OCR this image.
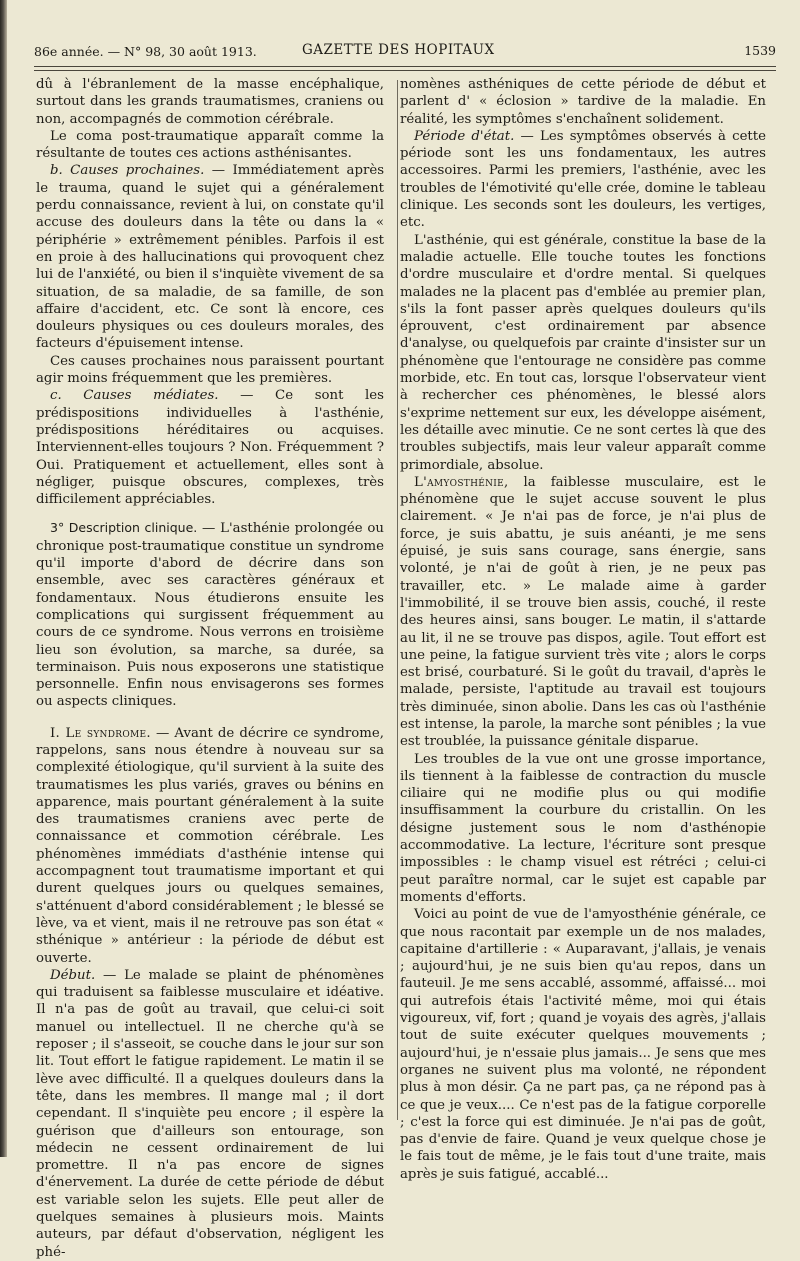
86e année. — N° 98, 30 août 1913.	GAZETTE DES HOPITAUX	1539

dû à l'ébranlement de la masse encéphalique, surtout dans les grands traumatismes, craniens ou non, accompagnés de commotion cérébrale.

Le coma post-traumatique apparaît comme la résultante de toutes ces actions asthénisantes.

b. Causes prochaines. — Immédiatement après le trauma, quand le sujet qui a généralement perdu connaissance, revient à lui, on constate qu'il accuse des douleurs dans la tête ou dans la « périphérie » extrêmement pénibles. Parfois il est en proie à des hallucinations qui provoquent chez lui de l'anxiété, ou bien il s'inquiète vivement de sa situation, de sa maladie, de sa famille, de son affaire d'accident, etc. Ce sont là encore, ces douleurs physiques ou ces douleurs morales, des facteurs d'épuisement intense.

Ces causes prochaines nous paraissent pourtant agir moins fréquemment que les premières.

c. Causes médiates. — Ce sont les prédispositions individuelles à l'asthénie, prédispositions héréditaires ou acquises. Interviennent-elles toujours ? Non. Fréquemment ? Oui. Pratiquement et actuellement, elles sont à négliger, puisque obscures, complexes, très difficilement appréciables.

3° Description clinique. — L'asthénie prolongée ou chronique post-traumatique constitue un syndrome qu'il importe d'abord de décrire dans son ensemble, avec ses caractères généraux et fondamentaux. Nous étudierons ensuite les complications qui surgissent fréquemment au cours de ce syndrome. Nous verrons en troisième lieu son évolution, sa marche, sa durée, sa terminaison. Puis nous exposerons une statistique personnelle. Enfin nous envisagerons ses formes ou aspects cliniques.

I. Le syndrome. — Avant de décrire ce syndrome, rappelons, sans nous étendre à nouveau sur sa complexité étiologique, qu'il survient à la suite des traumatismes les plus variés, graves ou bénins en apparence, mais pourtant généralement à la suite des traumatismes craniens avec perte de connaissance et commotion cérébrale. Les phénomènes immédiats d'asthénie intense qui accompagnent tout traumatisme important et qui durent quelques jours ou quelques semaines, s'atténuent d'abord considérablement ; le blessé se lève, va et vient, mais il ne retrouve pas son état « sthénique » antérieur : la période de début est ouverte.

Début. — Le malade se plaint de phénomènes qui traduisent sa faiblesse musculaire et idéative. Il n'a pas de goût au travail, que celui-ci soit manuel ou intellectuel. Il ne cherche qu'à se reposer ; il s'asseoit, se couche dans le jour sur son lit. Tout effort le fatigue rapidement. Le matin il se lève avec difficulté. Il a quelques douleurs dans la tête, dans les membres. Il mange mal ; il dort cependant. Il s'inquiète peu encore ; il espère la guérison que d'ailleurs son entourage, son médecin ne cessent ordinairement de lui promettre. Il n'a pas encore de signes d'énervement. La durée de cette période de début est variable selon les sujets. Elle peut aller de quelques semaines à plusieurs mois. Maints auteurs, par défaut d'observation, négligent les phé-

nomènes asthéniques de cette période de début et parlent d' « éclosion » tardive de la maladie. En réalité, les symptômes s'enchaînent solidement.

Période d'état. — Les symptômes observés à cette période sont les uns fondamentaux, les autres accessoires. Parmi les premiers, l'asthénie, avec les troubles de l'émotivité qu'elle crée, domine le tableau clinique. Les seconds sont les douleurs, les vertiges, etc.

L'asthénie, qui est générale, constitue la base de la maladie actuelle. Elle touche toutes les fonctions d'ordre musculaire et d'ordre mental. Si quelques malades ne la placent pas d'emblée au premier plan, s'ils la font passer après quelques douleurs qu'ils éprouvent, c'est ordinairement par absence d'analyse, ou quelquefois par crainte d'insister sur un phénomène que l'entourage ne considère pas comme morbide, etc. En tout cas, lorsque l'observateur vient à rechercher ces phénomènes, le blessé alors s'exprime nettement sur eux, les développe aisément, les détaille avec minutie. Ce ne sont certes là que des troubles subjectifs, mais leur valeur apparaît comme primordiale, absolue.

L'amyosthénie, la faiblesse musculaire, est le phénomène que le sujet accuse souvent le plus clairement. « Je n'ai pas de force, je n'ai plus de force, je suis abattu, je suis anéanti, je me sens épuisé, je suis sans courage, sans énergie, sans volonté, je n'ai de goût à rien, je ne peux pas travailler, etc. » Le malade aime à garder l'immobilité, il se trouve bien assis, couché, il reste des heures ainsi, sans bouger. Le matin, il s'attarde au lit, il ne se trouve pas dispos, agile. Tout effort est une peine, la fatigue survient très vite ; alors le corps est brisé, courbaturé. Si le goût du travail, d'après le malade, persiste, l'aptitude au travail est toujours très diminuée, sinon abolie. Dans les cas où l'asthénie est intense, la parole, la marche sont pénibles ; la vue est troublée, la puissance génitale disparue.

Les troubles de la vue ont une grosse importance, ils tiennent à la faiblesse de contraction du muscle ciliaire qui ne modifie plus ou qui modifie insuffisamment la courbure du cristallin. On les désigne justement sous le nom d'asthénopie accommodative. La lecture, l'écriture sont presque impossibles : le champ visuel est rétréci ; celui-ci peut paraître normal, car le sujet est capable par moments d'efforts.

Voici au point de vue de l'amyosthénie générale, ce que nous racontait par exemple un de nos malades, capitaine d'artillerie : « Auparavant, j'allais, je venais ; aujourd'hui, je ne suis bien qu'au repos, dans un fauteuil. Je me sens accablé, assommé, affaissé... moi qui autrefois étais l'activité même, moi qui étais vigoureux, vif, fort ; quand je voyais des agrès, j'allais tout de suite exécuter quelques mouvements ; aujourd'hui, je n'essaie plus jamais... Je sens que mes organes ne suivent plus ma volonté, ne répondent plus à mon désir. Ça ne part pas, ça ne répond pas à ce que je veux.... Ce n'est pas de la fatigue corporelle ; c'est la force qui est diminuée. Je n'ai pas de goût, pas d'envie de faire. Quand je veux quelque chose je le fais tout de même, je le fais tout d'une traite, mais après je suis fatigué, accablé...
